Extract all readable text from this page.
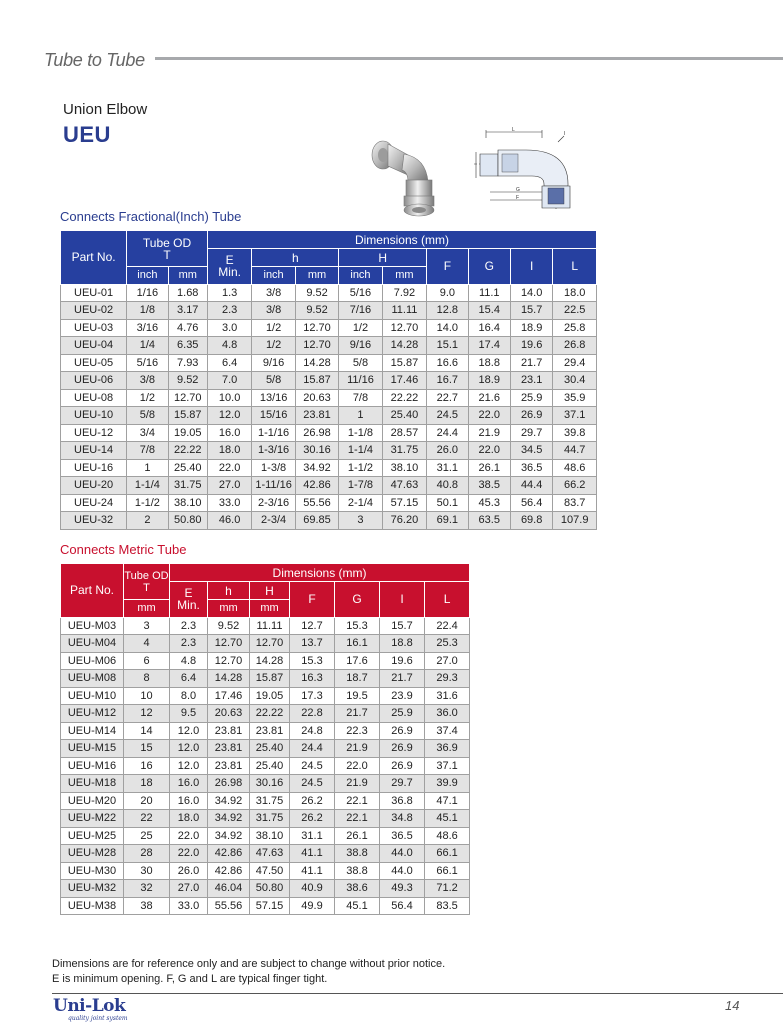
Tube to Tube
Union Elbow
UEU	L
I
G
F
Connects Fractional(Inch) Tube
Part No.	Tube OD
T		Dimensions (mm)								
			E
Min.	h		H		F	G	I	L
	inch	mm		inch	mm	inch	mm				
UEU-01	1/16	1.68	1.3	3/8	9.52	5/16	7.92	9.0	11.1	14.0	18.0
UEU-02	1/8	3.17	2.3	3/8	9.52	7/16	11.11	12.8	15.4	15.7	22.5
UEU-03	3/16	4.76	3.0	1/2	12.70	1/2	12.70	14.0	16.4	18.9	25.8
UEU-04	1/4	6.35	4.8	1/2	12.70	9/16	14.28	15.1	17.4	19.6	26.8
UEU-05	5/16	7.93	6.4	9/16	14.28	5/8	15.87	16.6	18.8	21.7	29.4
UEU-06	3/8	9.52	7.0	5/8	15.87	11/16	17.46	16.7	18.9	23.1	30.4
UEU-08	1/2	12.70	10.0	13/16	20.63	7/8	22.22	22.7	21.6	25.9	35.9
UEU-10	5/8	15.87	12.0	15/16	23.81	1	25.40	24.5	22.0	26.9	37.1
UEU-12	3/4	19.05	16.0	1-1/16	26.98	1-1/8	28.57	24.4	21.9	29.7	39.8
UEU-14	7/8	22.22	18.0	1-3/16	30.16	1-1/4	31.75	26.0	22.0	34.5	44.7
UEU-16	1	25.40	22.0	1-3/8	34.92	1-1/2	38.10	31.1	26.1	36.5	48.6
UEU-20	1-1/4	31.75	27.0	1-11/16	42.86	1-7/8	47.63	40.8	38.5	44.4	66.2
UEU-24	1-1/2	38.10	33.0	2-3/16	55.56	2-1/4	57.15	50.1	45.3	56.4	83.7
UEU-32	2	50.80	46.0	2-3/4	69.85	3	76.20	69.1	63.5	69.8	107.9
Connects Metric Tube
Part No.	Tube OD
T	Dimensions (mm)						
		E
Min.	h	H	F	G	I	L
	mm		mm	mm				
UEU-M03	3	2.3	9.52	11.11	12.7	15.3	15.7	22.4
UEU-M04	4	2.3	12.70	12.70	13.7	16.1	18.8	25.3
UEU-M06	6	4.8	12.70	14.28	15.3	17.6	19.6	27.0
UEU-M08	8	6.4	14.28	15.87	16.3	18.7	21.7	29.3
UEU-M10	10	8.0	17.46	19.05	17.3	19.5	23.9	31.6
UEU-M12	12	9.5	20.63	22.22	22.8	21.7	25.9	36.0
UEU-M14	14	12.0	23.81	23.81	24.8	22.3	26.9	37.4
UEU-M15	15	12.0	23.81	25.40	24.4	21.9	26.9	36.9
UEU-M16	16	12.0	23.81	25.40	24.5	22.0	26.9	37.1
UEU-M18	18	16.0	26.98	30.16	24.5	21.9	29.7	39.9
UEU-M20	20	16.0	34.92	31.75	26.2	22.1	36.8	47.1
UEU-M22	22	18.0	34.92	31.75	26.2	22.1	34.8	45.1
UEU-M25	25	22.0	34.92	38.10	31.1	26.1	36.5	48.6
UEU-M28	28	22.0	42.86	47.63	41.1	38.8	44.0	66.1
UEU-M30	30	26.0	42.86	47.50	41.1	38.8	44.0	66.1
UEU-M32	32	27.0	46.04	50.80	40.9	38.6	49.3	71.2
UEU-M38	38	33.0	55.56	57.15	49.9	45.1	56.4	83.5
Dimensions are for reference only and are subject to change without prior notice.
E is minimum opening. F, G and L are typical finger tight.
Uni-Lok
quality joint system
14
